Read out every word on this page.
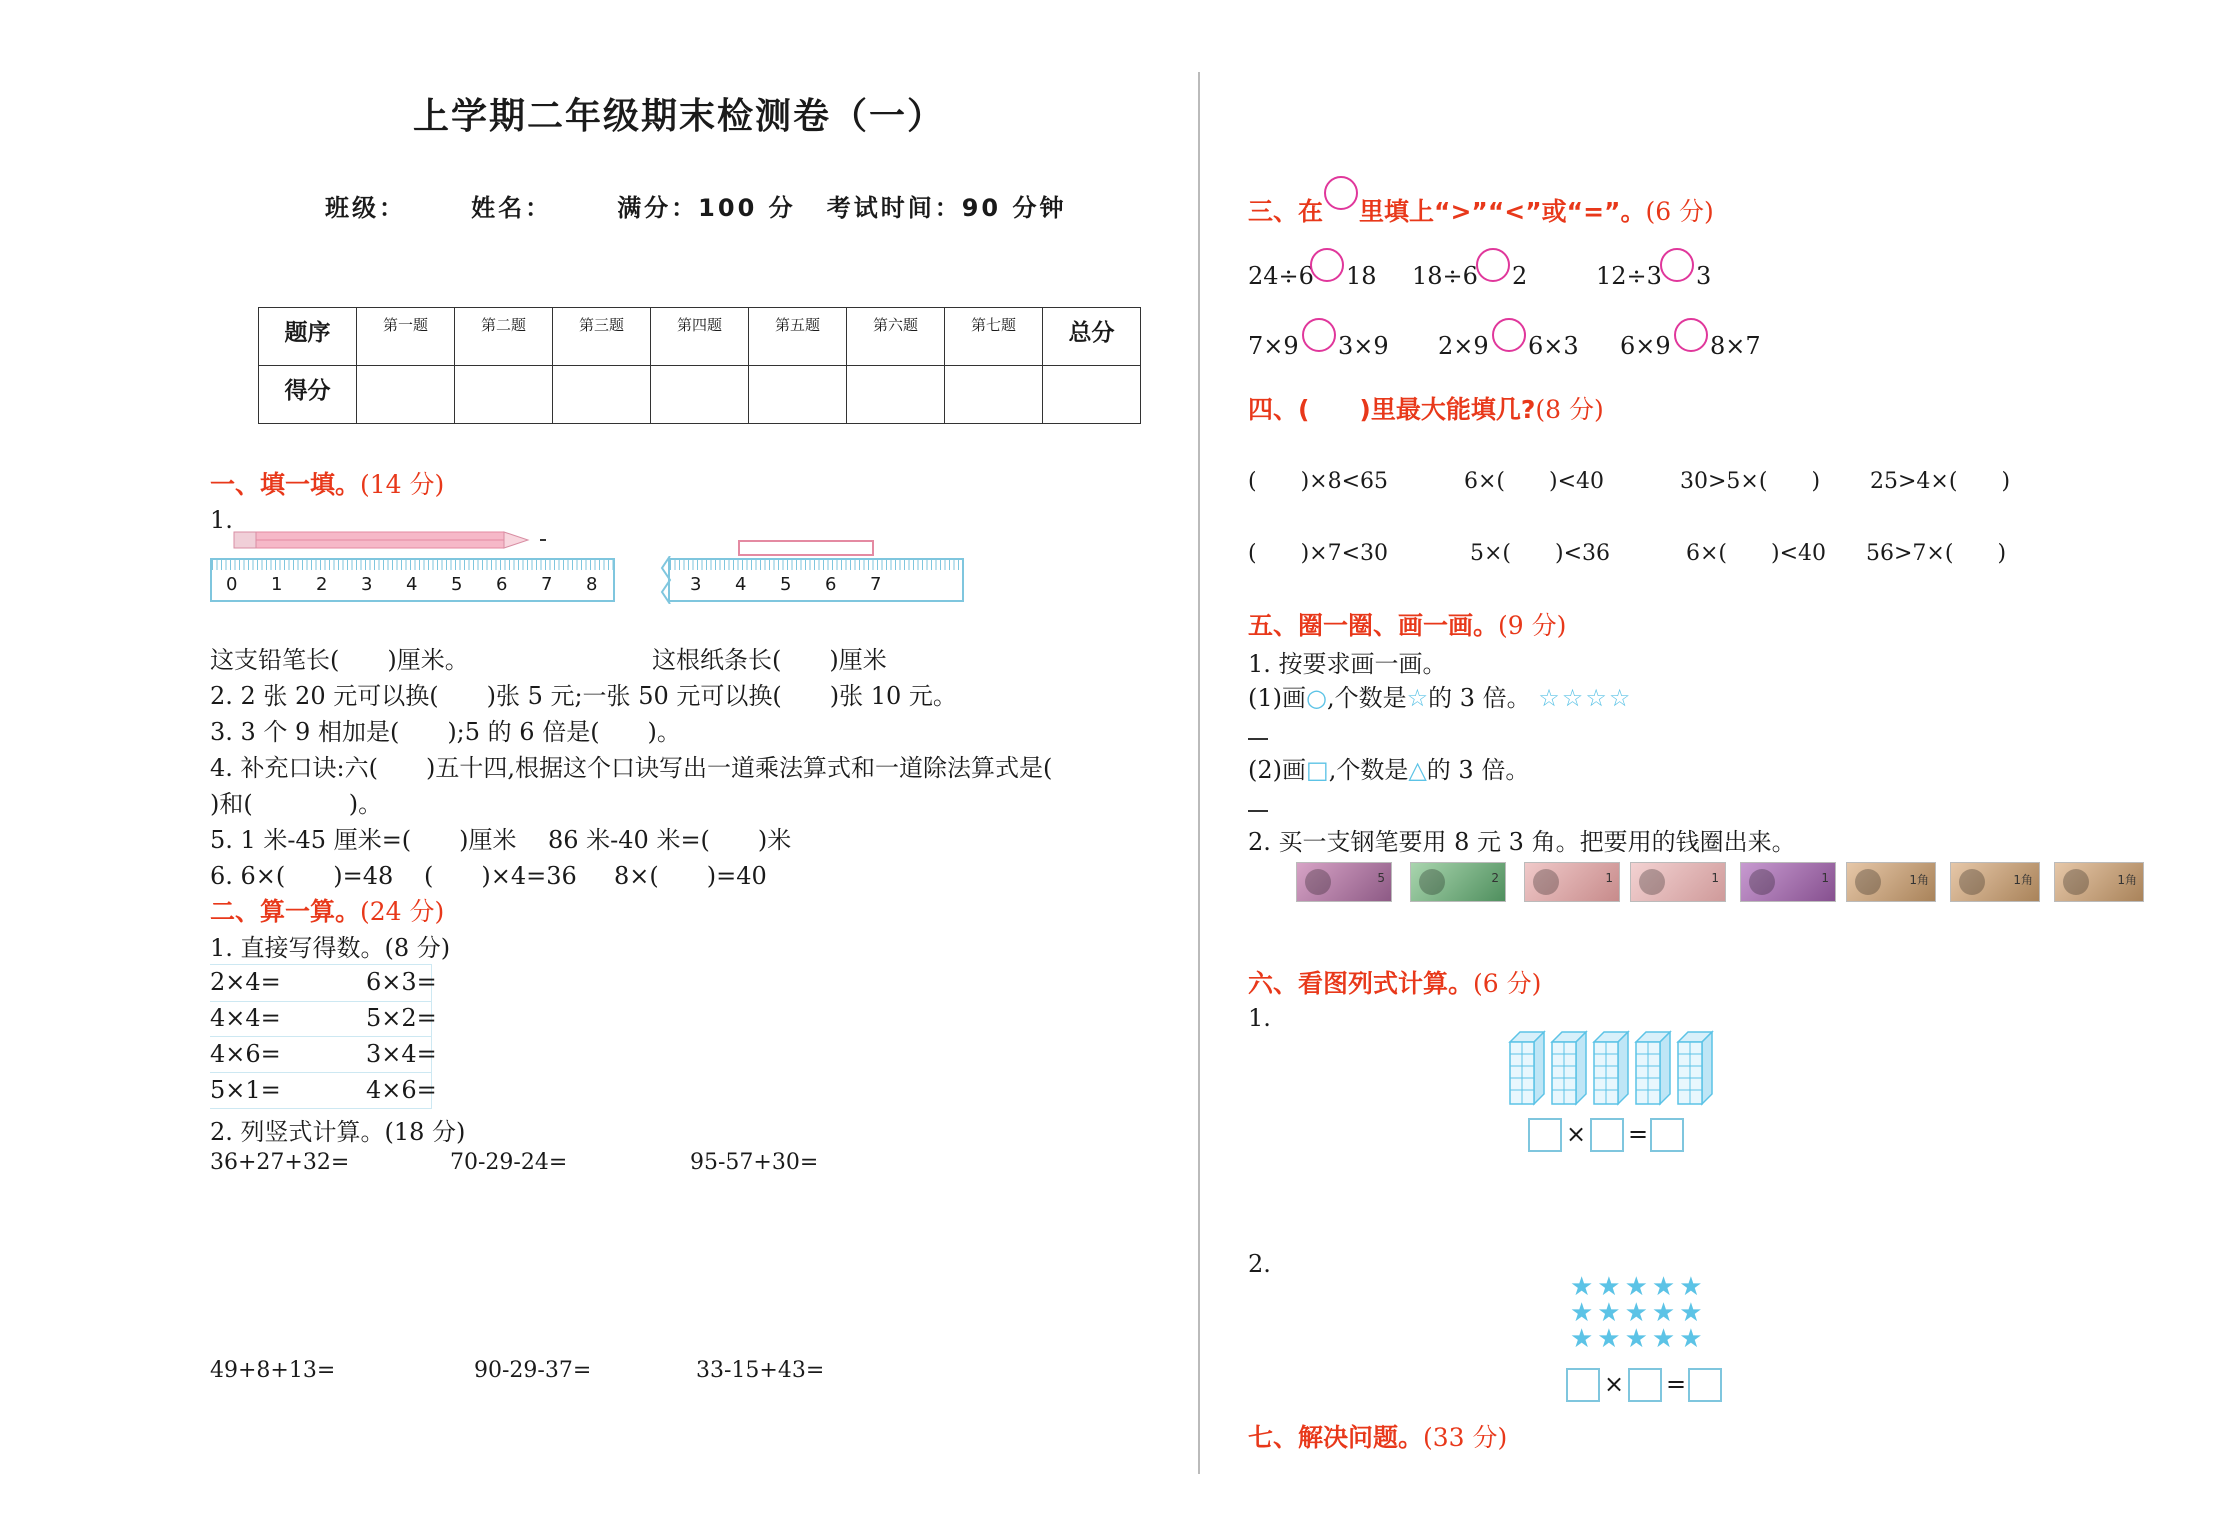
上学期二年级期末检测卷（一）
班级：	姓名：	满分：100 分 考试时间：90 分钟
题序	第一题	第二题	第三题	第四题	第五题	第六题	第七题	总分
得分								
一、填一填。(14 分)
1.
0 1 2 3 4 5 6 7 8	3 4 5 6 7
这支铅笔长(　　)厘米。	这根纸条长(　　)厘米
2. 2 张 20 元可以换(　　)张 5 元;一张 50 元可以换(　　)张 10 元。
3. 3 个 9 相加是(　　);5 的 6 倍是(　　)。
4. 补充口诀:六(　　)五十四,根据这个口诀写出一道乘法算式和一道除法算式是(
)和(　　　　)。
5. 1 米-45 厘米=(　　)厘米 86 米-40 米=(　　)米
6. 6×(　　)=48 (　　)×4=36 8×(　　)=40
二、算一算。(24 分)
1. 直接写得数。(8 分)
2×4=	6×3=
4×4=	5×2=
4×6=	3×4=
5×1=	4×6=
2. 列竖式计算。(18 分)
36+27+32=	70-29-24=	95-57+30=
49+8+13=	90-29-37=	33-15+43=
三、在 里填上“>”“<”或“=”。(6 分)
24÷6 18 18÷6 2	12÷3 3
7×9 3×9 2×9 6×3 6×9 8×7
四、(　　)里最大能填几?(8 分)
(　　)×8<65	6×(　　)<40	30>5×(　　) 25>4×(　　)
(　　)×7<30	5×(　　)<36	6×(　　)<40 56>7×(　　)
五、圈一圈、画一画。(9 分)
1. 按要求画一画。
(1)画○,个数是☆的 3 倍。 ☆☆☆☆
(2)画□,个数是△的 3 倍。
2. 买一支钢笔要用 8 元 3 角。把要用的钱圈出来。
5	2	1	1	1	1角	1角	1角
六、看图列式计算。(6 分)
1.
× =
2.
★★★★★
★★★★★
★★★★★
× =
七、解决问题。(33 分)
